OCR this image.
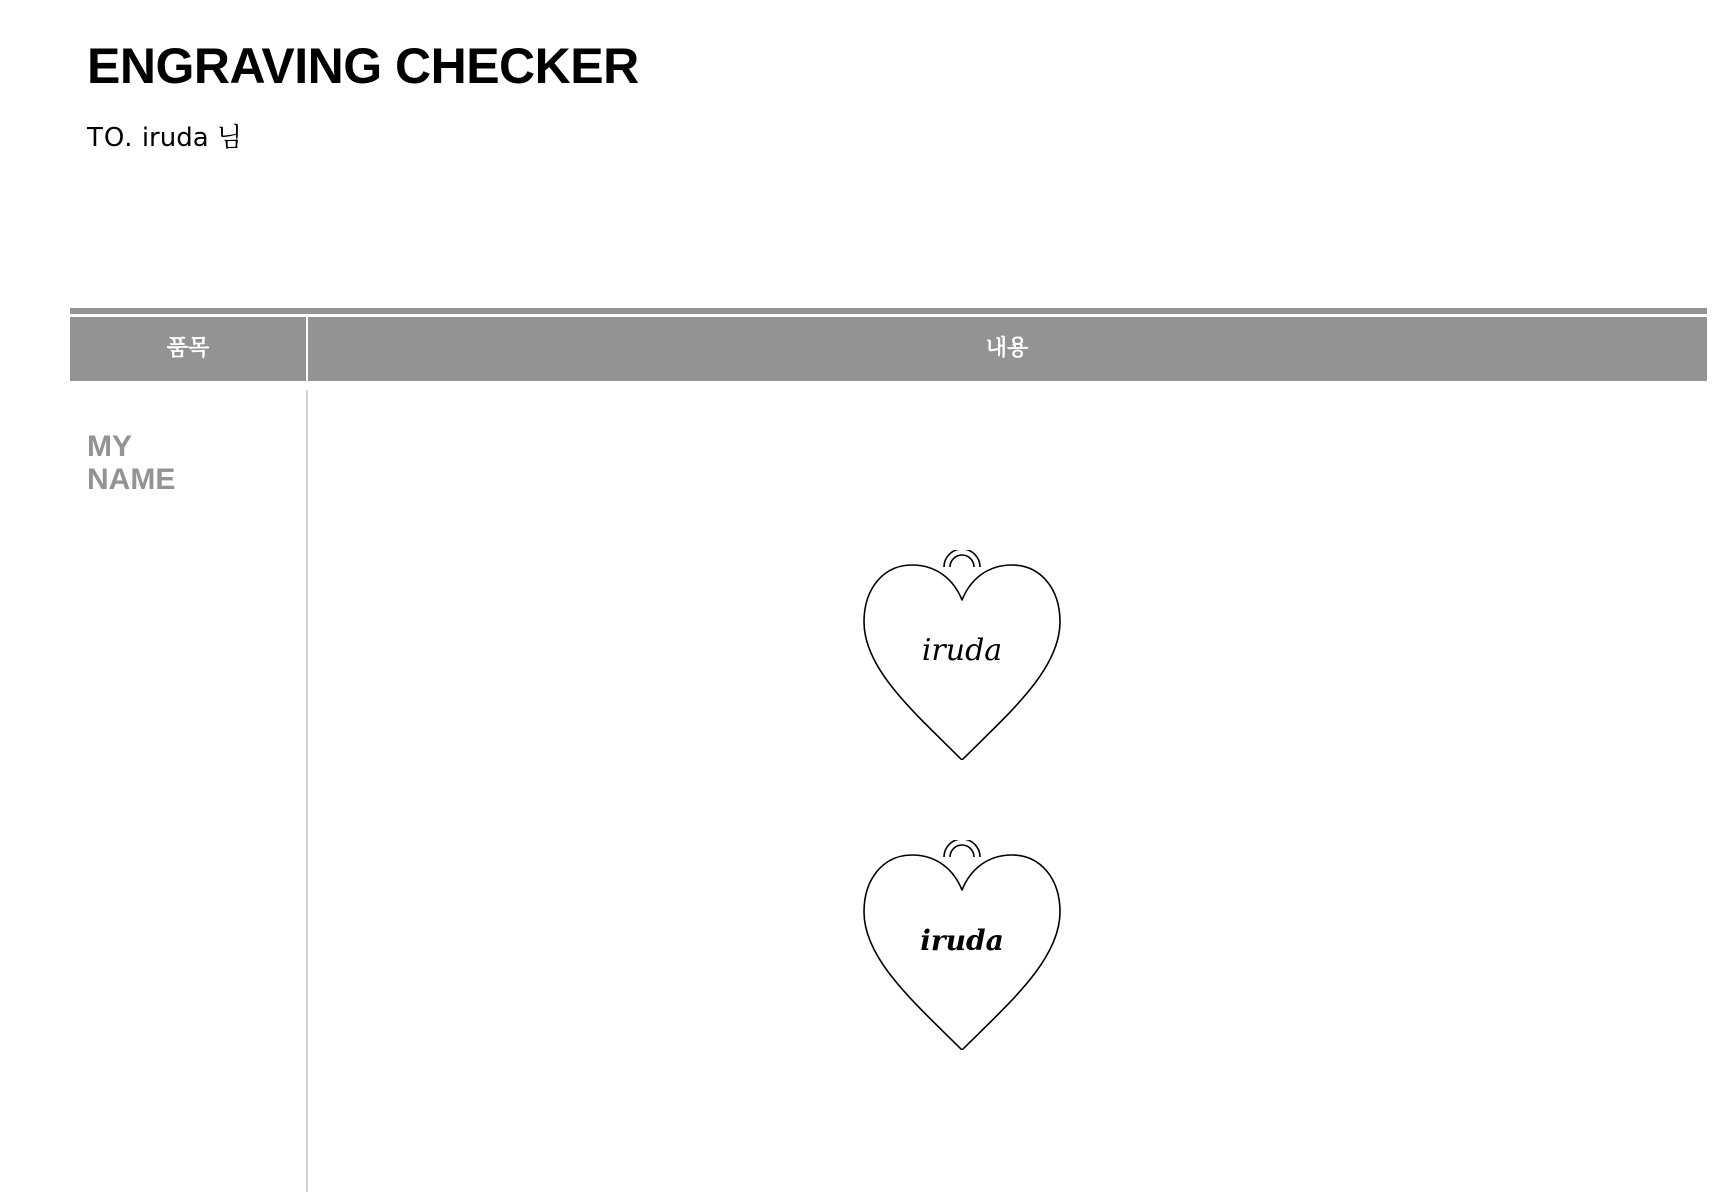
ENGRAVING CHECKER
TO. iruda 님
품목	내용
MY
NAME
iruda
iruda
